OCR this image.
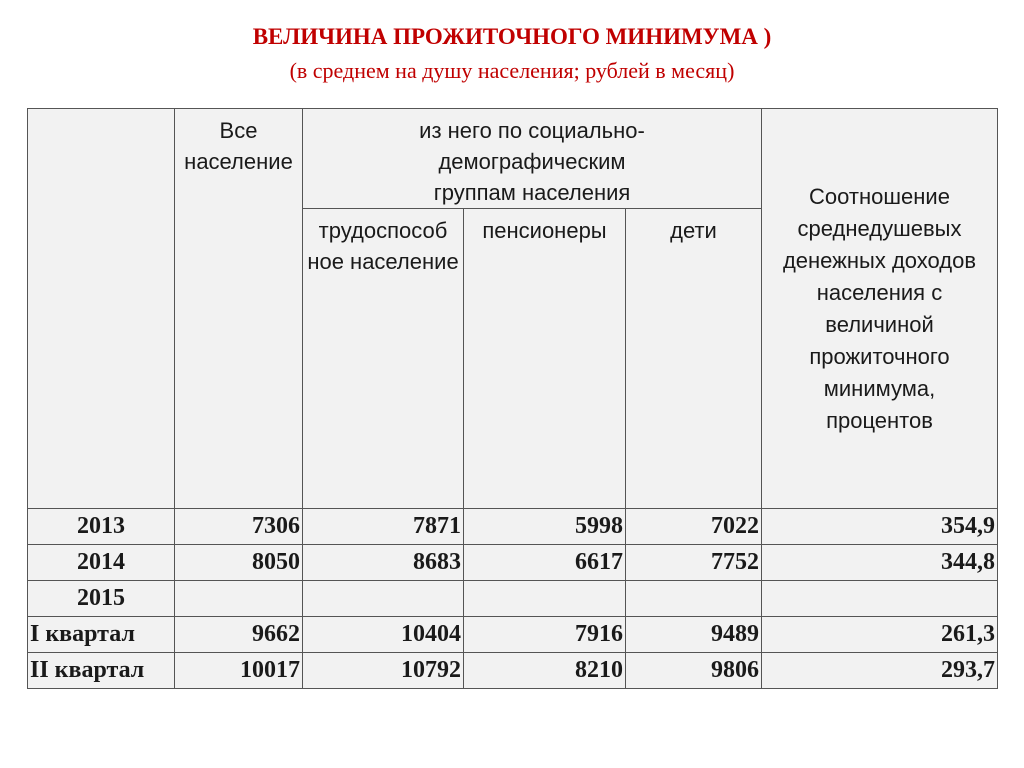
ВЕЛИЧИНА ПРОЖИТОЧНОГО МИНИМУМА )
(в среднем на душу населения; рублей в месяц)
	Все население	из него по социально-демографическим группам населения			Соотношение среднедушевых денежных доходов населения с величиной прожиточного минимума, процентов

		трудоспособ ное население	пенсионеры	дети	
2013	7306	7871	5998	7022	354,9
2014	8050	8683	6617	7752	344,8
2015					
I квартал	9662	10404	7916	9489	261,3
II квартал	10017	10792	8210	9806	293,7
